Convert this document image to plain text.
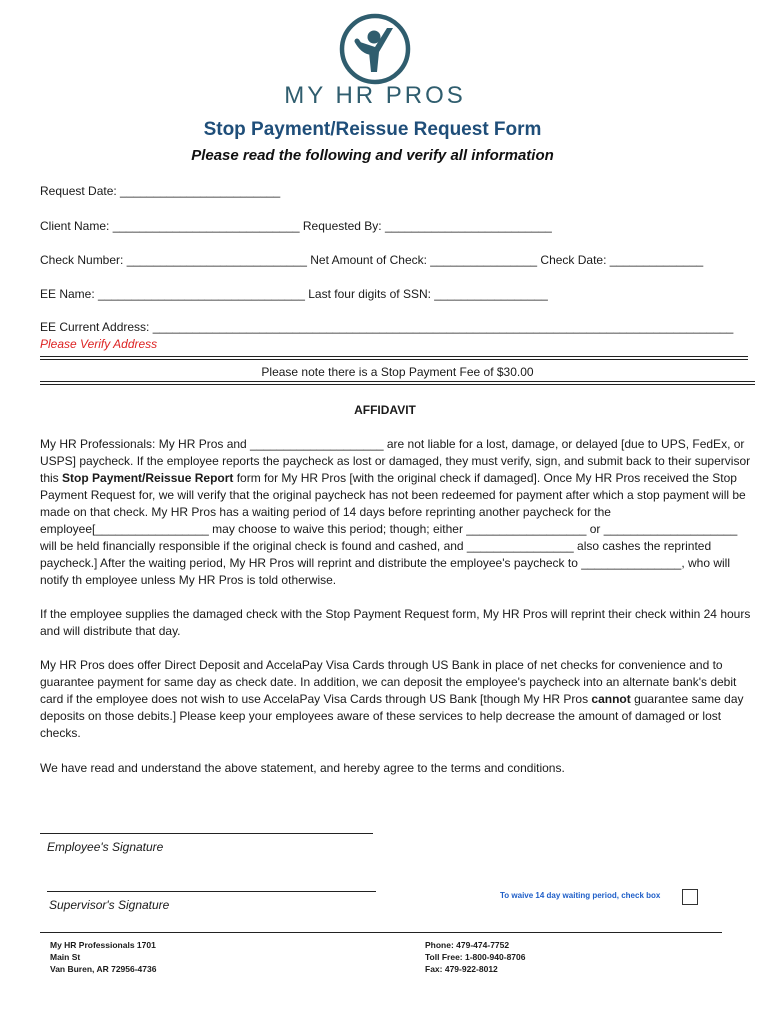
MY HR PROS
Stop Payment/Reissue Request Form
Please read the following and verify all information
Request Date: ________________________
Client Name: ____________________________ Requested By: _________________________
Check Number: ___________________________ Net Amount of Check: ________________ Check Date: ______________
EE Name: _______________________________ Last four digits of SSN: _________________
EE Current Address: _______________________________________________________________________________________
Please Verify Address
Please note there is a Stop Payment Fee of $30.00
AFFIDAVIT

My HR Professionals: My HR Pros and ____________________ are not liable for a lost, damage, or delayed [due to UPS, FedEx, or USPS] paycheck. If the employee reports the paycheck as lost or damaged, they must verify, sign, and submit back to their supervisor this Stop Payment/Reissue Report form for My HR Pros [with the original check if damaged]. Once My HR Pros received the Stop Payment Request for, we will verify that the original paycheck has not been redeemed for payment after which a stop payment will be made on that check. My HR Pros has a waiting period of 14 days before reprinting another paycheck for the employee[_________________ may choose to waive this period; though; either __________________ or ____________________ will be held financially responsible if the original check is found and cashed, and ________________ also cashes the reprinted paycheck.] After the waiting period, My HR Pros will reprint and distribute the employee's paycheck to _______________, who will notify th employee unless My HR Pros is told otherwise.

If the employee supplies the damaged check with the Stop Payment Request form, My HR Pros will reprint their check within 24 hours and will distribute that day.

My HR Pros does offer Direct Deposit and AccelaPay Visa Cards through US Bank in place of net checks for convenience and to guarantee payment for same day as check date. In addition, we can deposit the employee's paycheck into an alternate bank's debit card if the employee does not wish to use AccelaPay Visa Cards through US Bank [though My HR Pros cannot guarantee same day deposits on those debits.] Please keep your employees aware of these services to help decrease the amount of damaged or lost checks.

We have read and understand the above statement, and hereby agree to the terms and conditions.

Employee's Signature
Supervisor's Signature
To waive 14 day waiting period, check box
My HR Professionals 1701
Main St
Van Buren, AR 72956-4736
Phone: 479-474-7752
Toll Free: 1-800-940-8706
Fax: 479-922-8012
